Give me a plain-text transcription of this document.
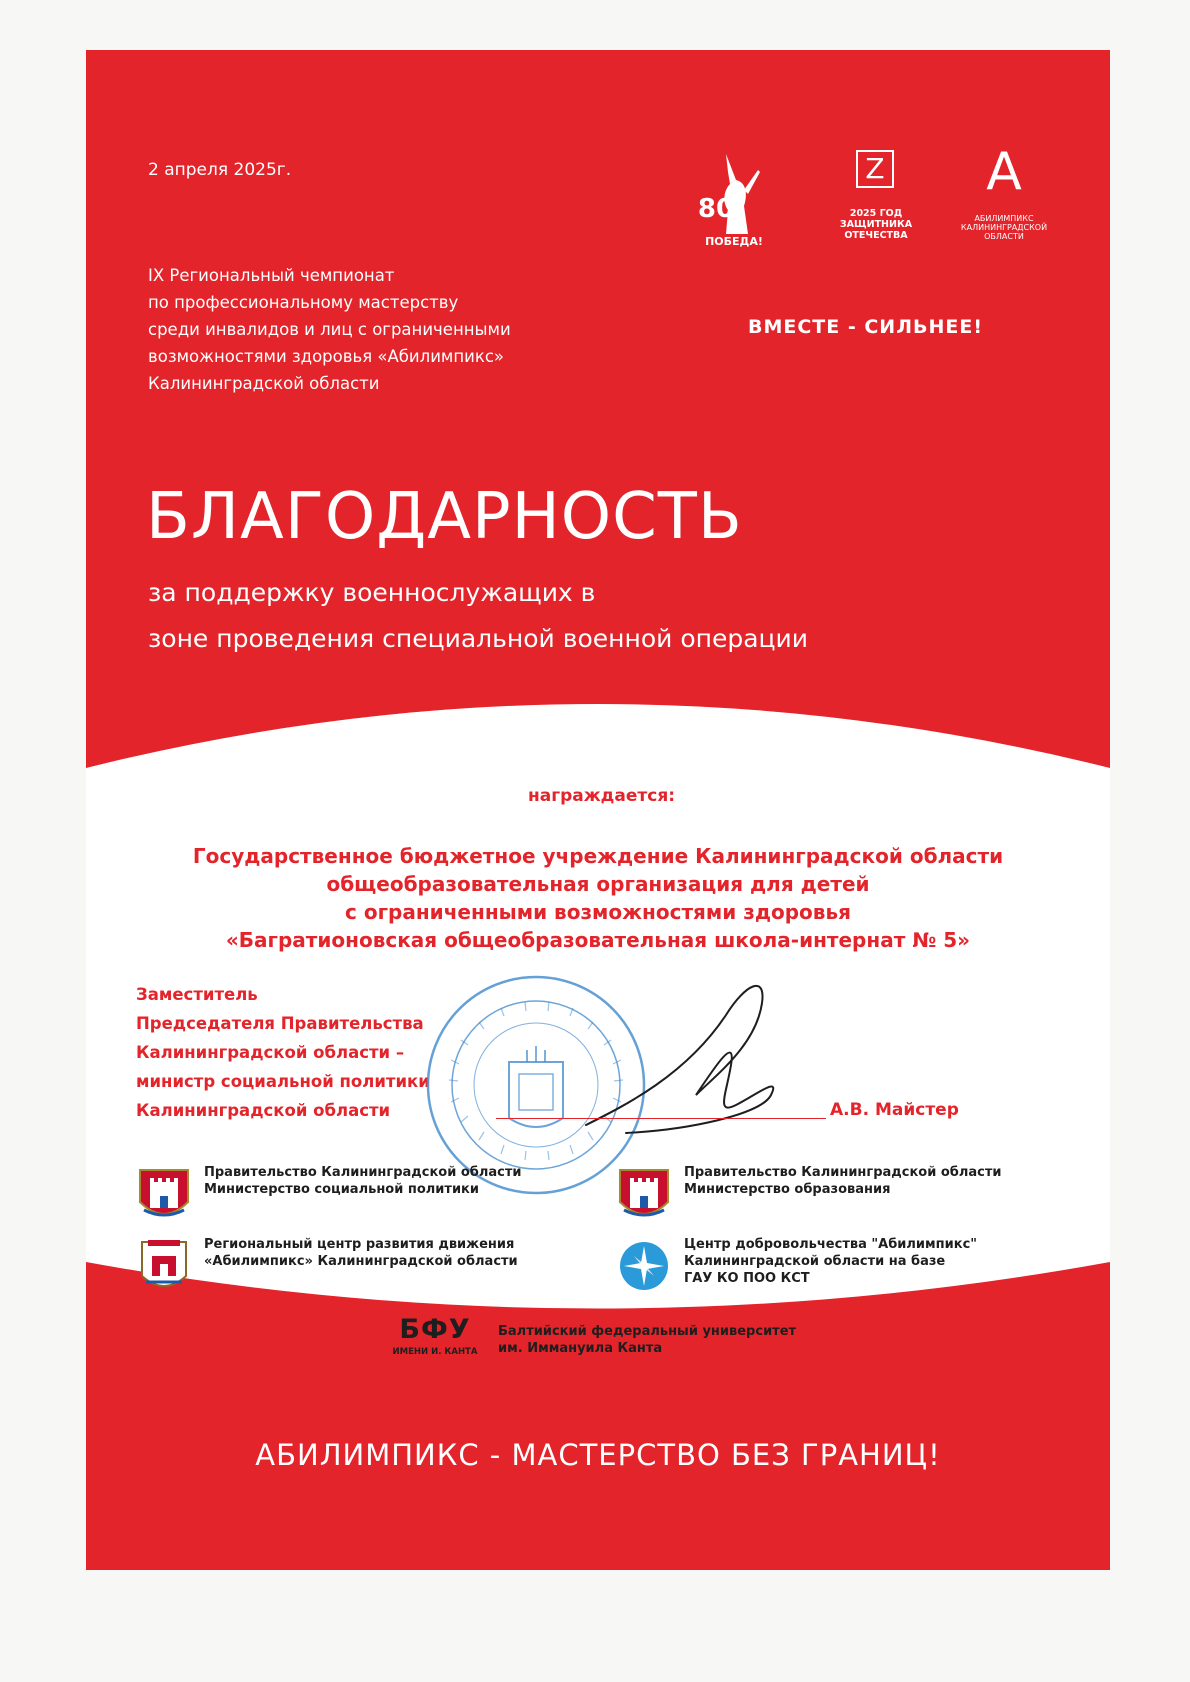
2 апреля 2025г.

IX Региональный чемпионат
по профессиональному мастерству
среди инвалидов и лиц с ограниченными
возможностями здоровья «Абилимпикс»
Калининградской области
80
ПОБЕДА!
Z
2025 ГОД
ЗАЩИТНИКА
ОТЕЧЕСТВА
A
АБИЛИМПИКС
КАЛИНИНГРАДСКОЙ
ОБЛАСТИ

ВМЕСТЕ - СИЛЬНЕЕ!

БЛАГОДАРНОСТЬ
за поддержку военнослужащих в
зоне проведения специальной военной операции

награждается:

Государственное бюджетное учреждение Калининградской области
общеобразовательная организация для детей
с ограниченными возможностями здоровья
«Багратионовская общеобразовательная школа-интернат № 5»
Заместитель
Председателя Правительства
Калининградской области –
министр социальной политики
Калининградской области	А.В. Майстер

Правительство Калининградской области
Министерство социальной политики
Правительство Калининградской области
Министерство образования
Региональный центр развития движения
«Абилимпикс» Калининградской области
Центр добровольчества "Абилимпикс"
Калининградской области на базе
ГАУ КО ПОО КСТ
БФУ
ИМЕНИ И. КАНТА
Балтийский федеральный университет
им. Иммануила Канта

АБИЛИМПИКС - МАСТЕРСТВО БЕЗ ГРАНИЦ!
